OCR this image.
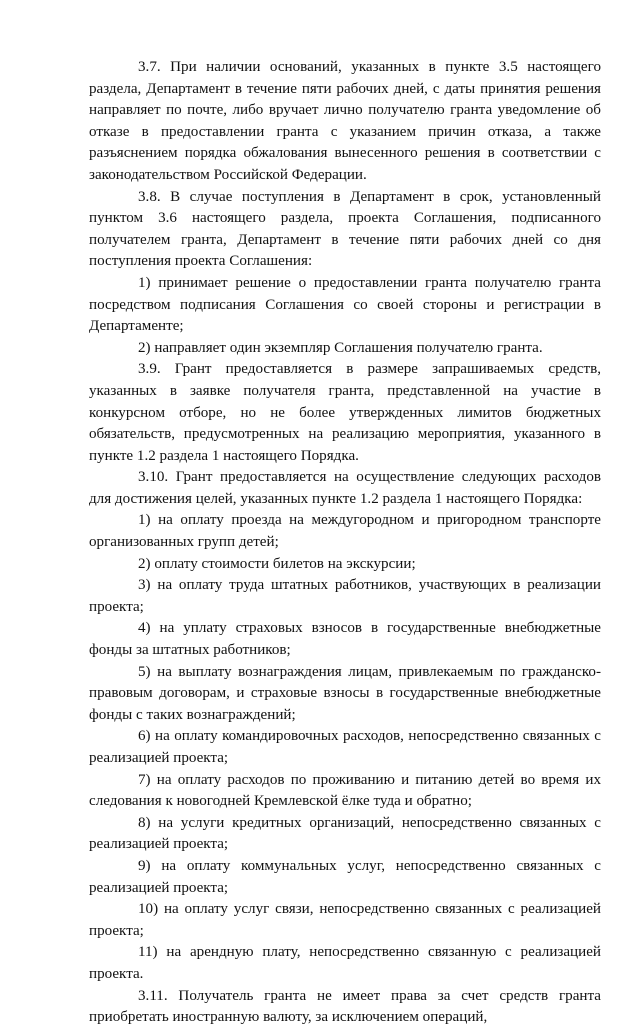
3.7. При наличии оснований, указанных в пункте 3.5 настоящего раздела, Департамент в течение пяти рабочих дней, с даты принятия решения направляет по почте, либо вручает лично получателю гранта уведомление об отказе в предоставлении гранта с указанием причин отказа, а также разъяснением порядка обжалования вынесенного решения в соответствии с законодательством Российской Федерации.

3.8. В случае поступления в Департамент в срок, установленный пунктом 3.6 настоящего раздела, проекта Соглашения, подписанного получателем гранта, Департамент в течение пяти рабочих дней со дня поступления проекта Соглашения:

1) принимает решение о предоставлении гранта получателю гранта посредством подписания Соглашения со своей стороны и регистрации в Департаменте;

2) направляет один экземпляр Соглашения получателю гранта.

3.9. Грант предоставляется в размере запрашиваемых средств, указанных в заявке получателя гранта, представленной на участие в конкурсном отборе, но не более утвержденных лимитов бюджетных обязательств, предусмотренных на реализацию мероприятия, указанного в пункте 1.2 раздела 1 настоящего Порядка.

3.10. Грант предоставляется на осуществление следующих расходов для достижения целей, указанных пункте 1.2 раздела 1 настоящего Порядка:

1) на оплату проезда на междугородном и пригородном транспорте организованных групп детей;

2) оплату стоимости билетов на экскурсии;

3) на оплату труда штатных работников, участвующих в реализации проекта;

4) на уплату страховых взносов в государственные внебюджетные фонды за штатных работников;

5) на выплату вознаграждения лицам, привлекаемым по гражданско-правовым договорам, и страховые взносы в государственные внебюджетные фонды с таких вознаграждений;

6) на оплату командировочных расходов, непосредственно связанных с реализацией проекта;

7) на оплату расходов по проживанию и питанию детей во время их следования к новогодней Кремлевской ёлке туда и обратно;

8) на услуги кредитных организаций, непосредственно связанных с реализацией проекта;

9) на оплату коммунальных услуг, непосредственно связанных с реализацией проекта;

10) на оплату услуг связи, непосредственно связанных с реализацией проекта;

11) на арендную плату, непосредственно связанную с реализацией проекта.

3.11. Получатель гранта не имеет права за счет средств гранта приобретать иностранную валюту, за исключением операций,
